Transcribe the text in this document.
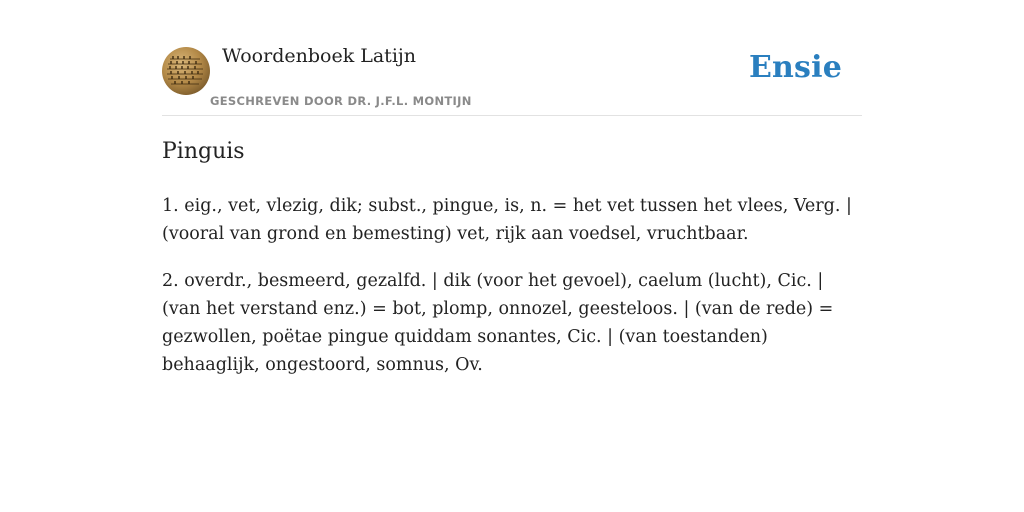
Woordenboek Latijn
GESCHREVEN DOOR DR. J.F.L. MONTIJN
Ensie
Pinguis

1. eig., vet, vlezig, dik; subst., pingue, is, n. = het vet tussen het vlees, Verg. | (vooral van grond en bemesting) vet, rijk aan voedsel, vruchtbaar.

2. overdr., besmeerd, gezalfd. | dik (voor het gevoel), caelum (lucht), Cic. | (van het verstand enz.) = bot, plomp, onnozel, geesteloos. | (van de rede) = gezwollen, poëtae pingue quiddam sonantes, Cic. | (van toestanden) behaaglijk, ongestoord, somnus, Ov.
